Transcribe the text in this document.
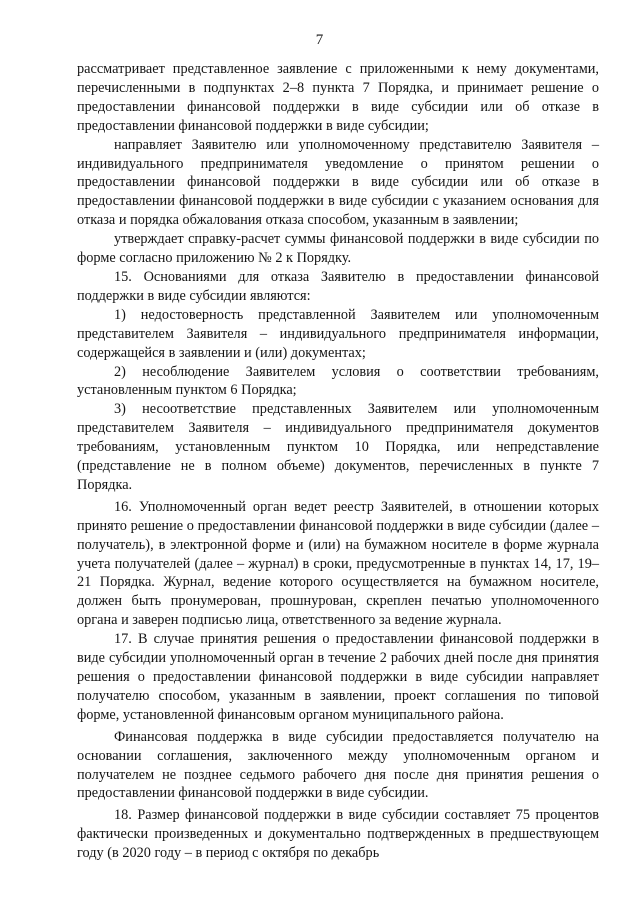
7

рассматривает представленное заявление с приложенными к нему документами, перечисленными в подпунктах 2–8 пункта 7 Порядка, и принимает решение о предоставлении финансовой поддержки в виде субсидии или об отказе в предоставлении финансовой поддержки в виде субсидии;

направляет Заявителю или уполномоченному представителю Заявителя – индивидуального предпринимателя уведомление о принятом решении о предоставлении финансовой поддержки в виде субсидии или об отказе в предоставлении финансовой поддержки в виде субсидии с указанием основания для отказа и порядка обжалования отказа способом, указанным в заявлении;

утверждает справку-расчет суммы финансовой поддержки в виде субсидии по форме согласно приложению № 2 к Порядку.

15. Основаниями для отказа Заявителю в предоставлении финансовой поддержки в виде субсидии являются:

1) недостоверность представленной Заявителем или уполномоченным представителем Заявителя – индивидуального предпринимателя информации, содержащейся в заявлении и (или) документах;

2) несоблюдение Заявителем условия о соответствии требованиям, установленным пунктом 6 Порядка;

3) несоответствие представленных Заявителем или уполномоченным представителем Заявителя – индивидуального предпринимателя документов требованиям, установленным пунктом 10 Порядка, или непредставление (представление не в полном объеме) документов, перечисленных в пункте 7 Порядка.

16. Уполномоченный орган ведет реестр Заявителей, в отношении которых принято решение о предоставлении финансовой поддержки в виде субсидии (далее – получатель), в электронной форме и (или) на бумажном носителе в форме журнала учета получателей (далее – журнал) в сроки, предусмотренные в пунктах 14, 17, 19–21 Порядка. Журнал, ведение которого осуществляется на бумажном носителе, должен быть пронумерован, прошнурован, скреплен печатью уполномоченного органа и заверен подписью лица, ответственного за ведение журнала.

17. В случае принятия решения о предоставлении финансовой поддержки в виде субсидии уполномоченный орган в течение 2 рабочих дней после дня принятия решения о предоставлении финансовой поддержки в виде субсидии направляет получателю способом, указанным в заявлении, проект соглашения по типовой форме, установленной финансовым органом муниципального района.

Финансовая поддержка в виде субсидии предоставляется получателю на основании соглашения, заключенного между уполномоченным органом и получателем не позднее седьмого рабочего дня после дня принятия решения о предоставлении финансовой поддержки в виде субсидии.

18. Размер финансовой поддержки в виде субсидии составляет 75 процентов фактически произведенных и документально подтвержденных в предшествующем году (в 2020 году – в период с октября по декабрь
